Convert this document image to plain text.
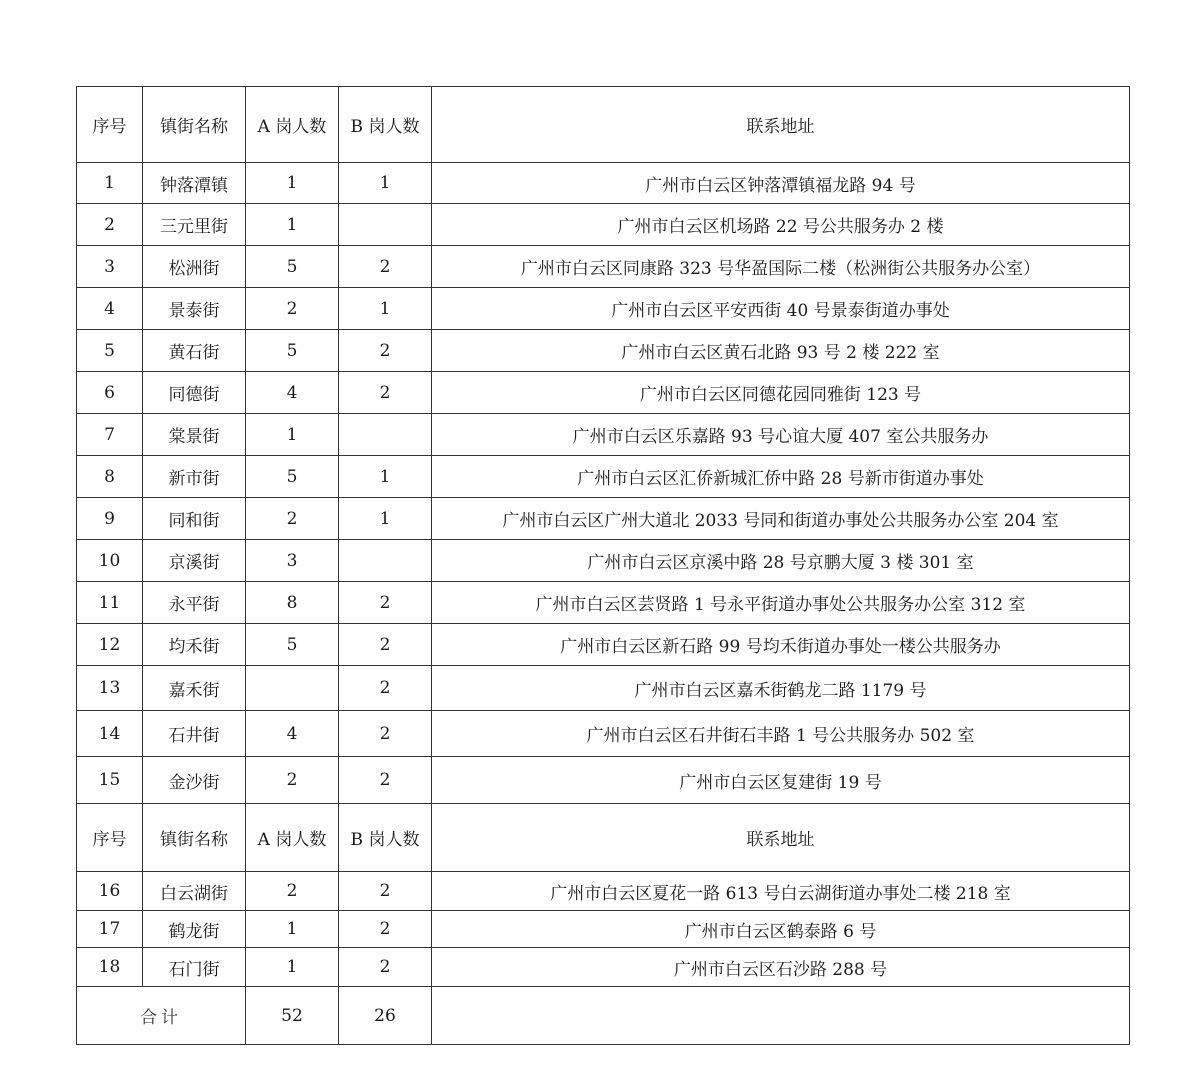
序号	镇街名称	A 岗人数	B 岗人数	联系地址
1	钟落潭镇	1	1	广州市白云区钟落潭镇福龙路 94 号
2	三元里街	1		广州市白云区机场路 22 号公共服务办 2 楼
3	松洲街	5	2	广州市白云区同康路 323 号华盈国际二楼（松洲街公共服务办公室）
4	景泰街	2	1	广州市白云区平安西街 40 号景泰街道办事处
5	黄石街	5	2	广州市白云区黄石北路 93 号 2 楼 222 室
6	同德街	4	2	广州市白云区同德花园同雅街 123 号
7	棠景街	1		广州市白云区乐嘉路 93 号心谊大厦 407 室公共服务办
8	新市街	5	1	广州市白云区汇侨新城汇侨中路 28 号新市街道办事处
9	同和街	2	1	广州市白云区广州大道北 2033 号同和街道办事处公共服务办公室 204 室
10	京溪街	3		广州市白云区京溪中路 28 号京鹏大厦 3 楼 301 室
11	永平街	8	2	广州市白云区芸贤路 1 号永平街道办事处公共服务办公室 312 室
12	均禾街	5	2	广州市白云区新石路 99 号均禾街道办事处一楼公共服务办
13	嘉禾街		2	广州市白云区嘉禾街鹤龙二路 1179 号
14	石井街	4	2	广州市白云区石井街石丰路 1 号公共服务办 502 室
15	金沙街	2	2	广州市白云区复建街 19 号
序号	镇街名称	A 岗人数	B 岗人数	联系地址
16	白云湖街	2	2	广州市白云区夏花一路 613 号白云湖街道办事处二楼 218 室
17	鹤龙街	1	2	广州市白云区鹤泰路 6 号
18	石门街	1	2	广州市白云区石沙路 288 号
合计		52	26	
